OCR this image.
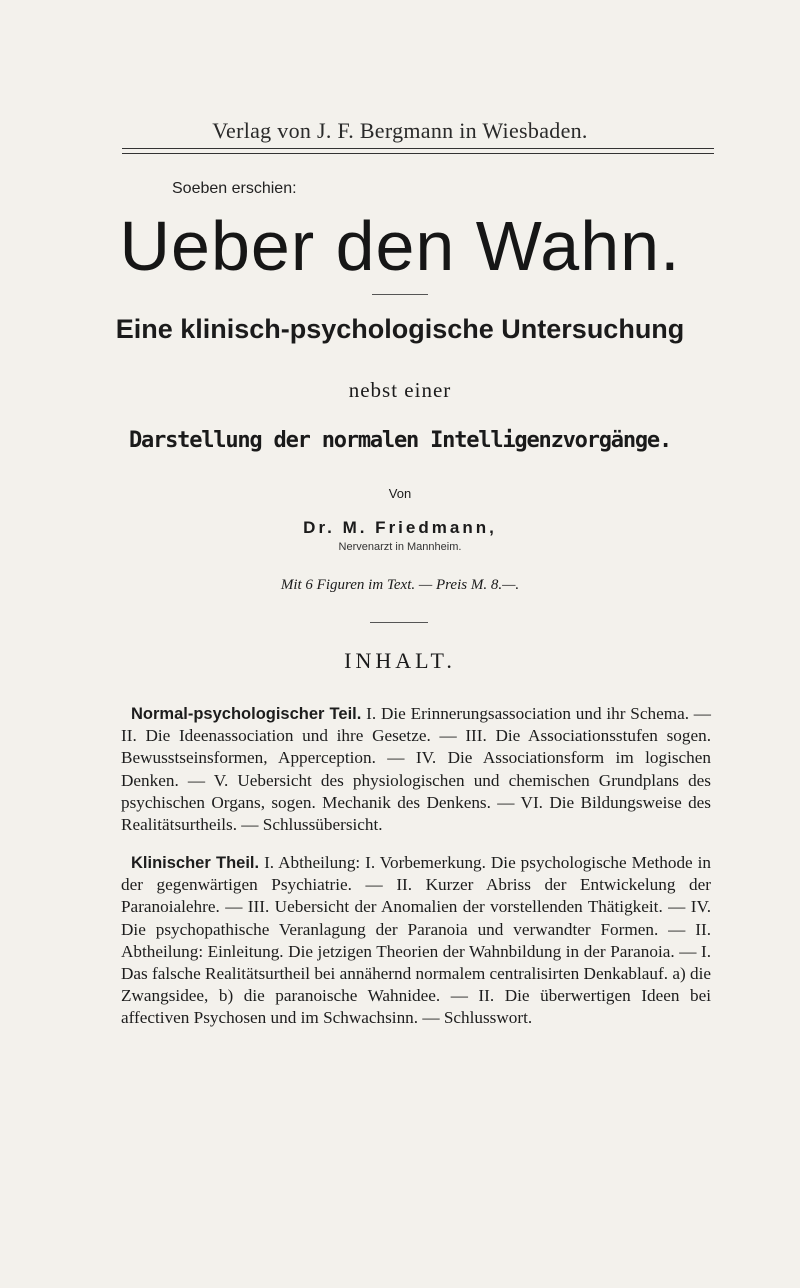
Verlag von J. F. Bergmann in Wiesbaden.
Soeben erschien:
Ueber den Wahn.
Eine klinisch-psychologische Untersuchung
nebst einer
Darstellung der normalen Intelligenzvorgänge.
Von
Dr. M. Friedmann,
Nervenarzt in Mannheim.
Mit 6 Figuren im Text. — Preis M. 8.—.
INHALT.
Normal-psychologischer Teil. I. Die Erinnerungsassociation und ihr Schema. — II. Die Ideenassociation und ihre Gesetze. — III. Die Associationsstufen sogen. Bewusstseinsformen, Apperception. — IV. Die Associationsform im logischen Denken. — V. Uebersicht des physiologischen und chemischen Grundplans des psychischen Organs, sogen. Mechanik des Denkens. — VI. Die Bildungsweise des Realitätsurtheils. — Schlussübersicht.
Klinischer Theil. I. Abtheilung: I. Vorbemerkung. Die psychologische Methode in der gegenwärtigen Psychiatrie. — II. Kurzer Abriss der Entwickelung der Paranoialehre. — III. Uebersicht der Anomalien der vorstellenden Thätigkeit. — IV. Die psychopathische Veranlagung der Paranoia und verwandter Formen. — II. Abtheilung: Einleitung. Die jetzigen Theorien der Wahnbildung in der Paranoia. — I. Das falsche Realitätsurtheil bei annähernd normalem centralisirten Denkablauf. a) die Zwangsidee, b) die paranoische Wahnidee. — II. Die überwertigen Ideen bei affectiven Psychosen und im Schwachsinn. — Schlusswort.
